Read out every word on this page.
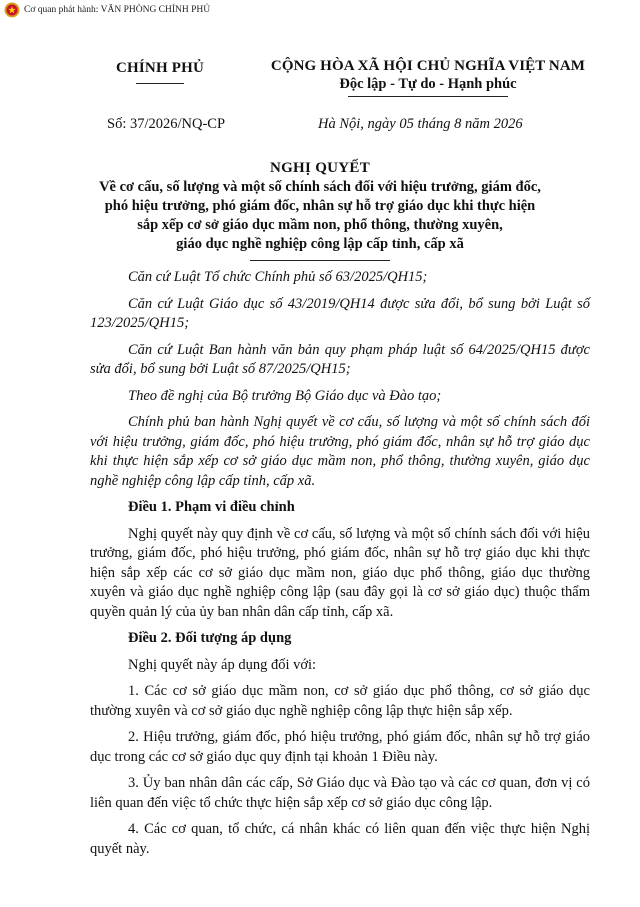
Cơ quan phát hành: VĂN PHÒNG CHÍNH PHỦ
CHÍNH PHỦ	CỘNG HÒA XÃ HỘI CHỦ NGHĨA VIỆT NAM
Độc lập - Tự do - Hạnh phúc
Số: 37/2026/NQ-CP	Hà Nội, ngày 05 tháng 8 năm 2026
NGHỊ QUYẾT
Về cơ cấu, số lượng và một số chính sách đối với hiệu trưởng, giám đốc,
phó hiệu trưởng, phó giám đốc, nhân sự hỗ trợ giáo dục khi thực hiện
sắp xếp cơ sở giáo dục mầm non, phổ thông, thường xuyên,
giáo dục nghề nghiệp công lập cấp tỉnh, cấp xã

Căn cứ Luật Tổ chức Chính phủ số 63/2025/QH15;

Căn cứ Luật Giáo dục số 43/2019/QH14 được sửa đổi, bổ sung bởi Luật số 123/2025/QH15;

Căn cứ Luật Ban hành văn bản quy phạm pháp luật số 64/2025/QH15 được sửa đổi, bổ sung bởi Luật số 87/2025/QH15;

Theo đề nghị của Bộ trưởng Bộ Giáo dục và Đào tạo;

Chính phủ ban hành Nghị quyết về cơ cấu, số lượng và một số chính sách đối với hiệu trưởng, giám đốc, phó hiệu trưởng, phó giám đốc, nhân sự hỗ trợ giáo dục khi thực hiện sắp xếp cơ sở giáo dục mầm non, phổ thông, thường xuyên, giáo dục nghề nghiệp công lập cấp tỉnh, cấp xã.

Điều 1. Phạm vi điều chỉnh

Nghị quyết này quy định về cơ cấu, số lượng và một số chính sách đối với hiệu trưởng, giám đốc, phó hiệu trưởng, phó giám đốc, nhân sự hỗ trợ giáo dục khi thực hiện sắp xếp các cơ sở giáo dục mầm non, giáo dục phổ thông, giáo dục thường xuyên và giáo dục nghề nghiệp công lập (sau đây gọi là cơ sở giáo dục) thuộc thẩm quyền quản lý của ủy ban nhân dân cấp tỉnh, cấp xã.

Điều 2. Đối tượng áp dụng

Nghị quyết này áp dụng đối với:

1. Các cơ sở giáo dục mầm non, cơ sở giáo dục phổ thông, cơ sở giáo dục thường xuyên và cơ sở giáo dục nghề nghiệp công lập thực hiện sắp xếp.

2. Hiệu trưởng, giám đốc, phó hiệu trưởng, phó giám đốc, nhân sự hỗ trợ giáo dục trong các cơ sở giáo dục quy định tại khoản 1 Điều này.

3. Ủy ban nhân dân các cấp, Sở Giáo dục và Đào tạo và các cơ quan, đơn vị có liên quan đến việc tổ chức thực hiện sắp xếp cơ sở giáo dục công lập.

4. Các cơ quan, tổ chức, cá nhân khác có liên quan đến việc thực hiện Nghị quyết này.
